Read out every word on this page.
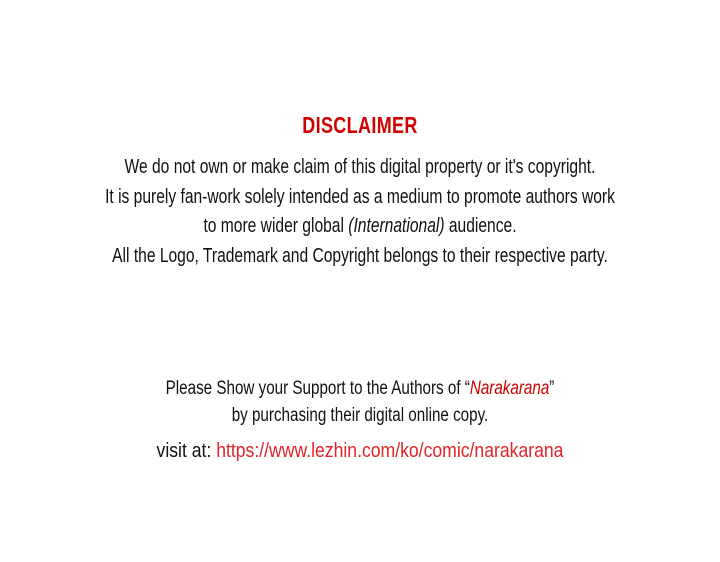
DISCLAIMER
We do not own or make claim of this digital property or it's copyright.
It is purely fan-work solely intended as a medium to promote authors work
to more wider global (International) audience.
All the Logo, Trademark and Copyright belongs to their respective party.
Please Show your Support to the Authors of “Narakarana”
by purchasing their digital online copy.
visit at: https://www.lezhin.com/ko/comic/narakarana
